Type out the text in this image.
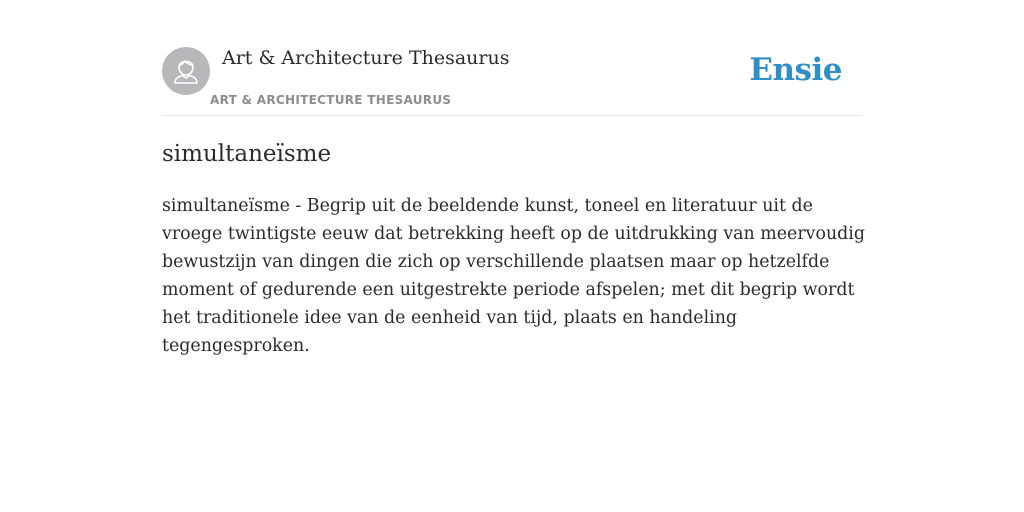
Art & Architecture Thesaurus
ART & ARCHITECTURE THESAURUS
Ensie
simultaneïsme

simultaneïsme - Begrip uit de beeldende kunst, toneel en literatuur uit de vroege twintigste eeuw dat betrekking heeft op de uitdrukking van meervoudig bewustzijn van dingen die zich op verschillende plaatsen maar op hetzelfde moment of gedurende een uitgestrekte periode afspelen; met dit begrip wordt het traditionele idee van de eenheid van tijd, plaats en handeling tegengesproken.
